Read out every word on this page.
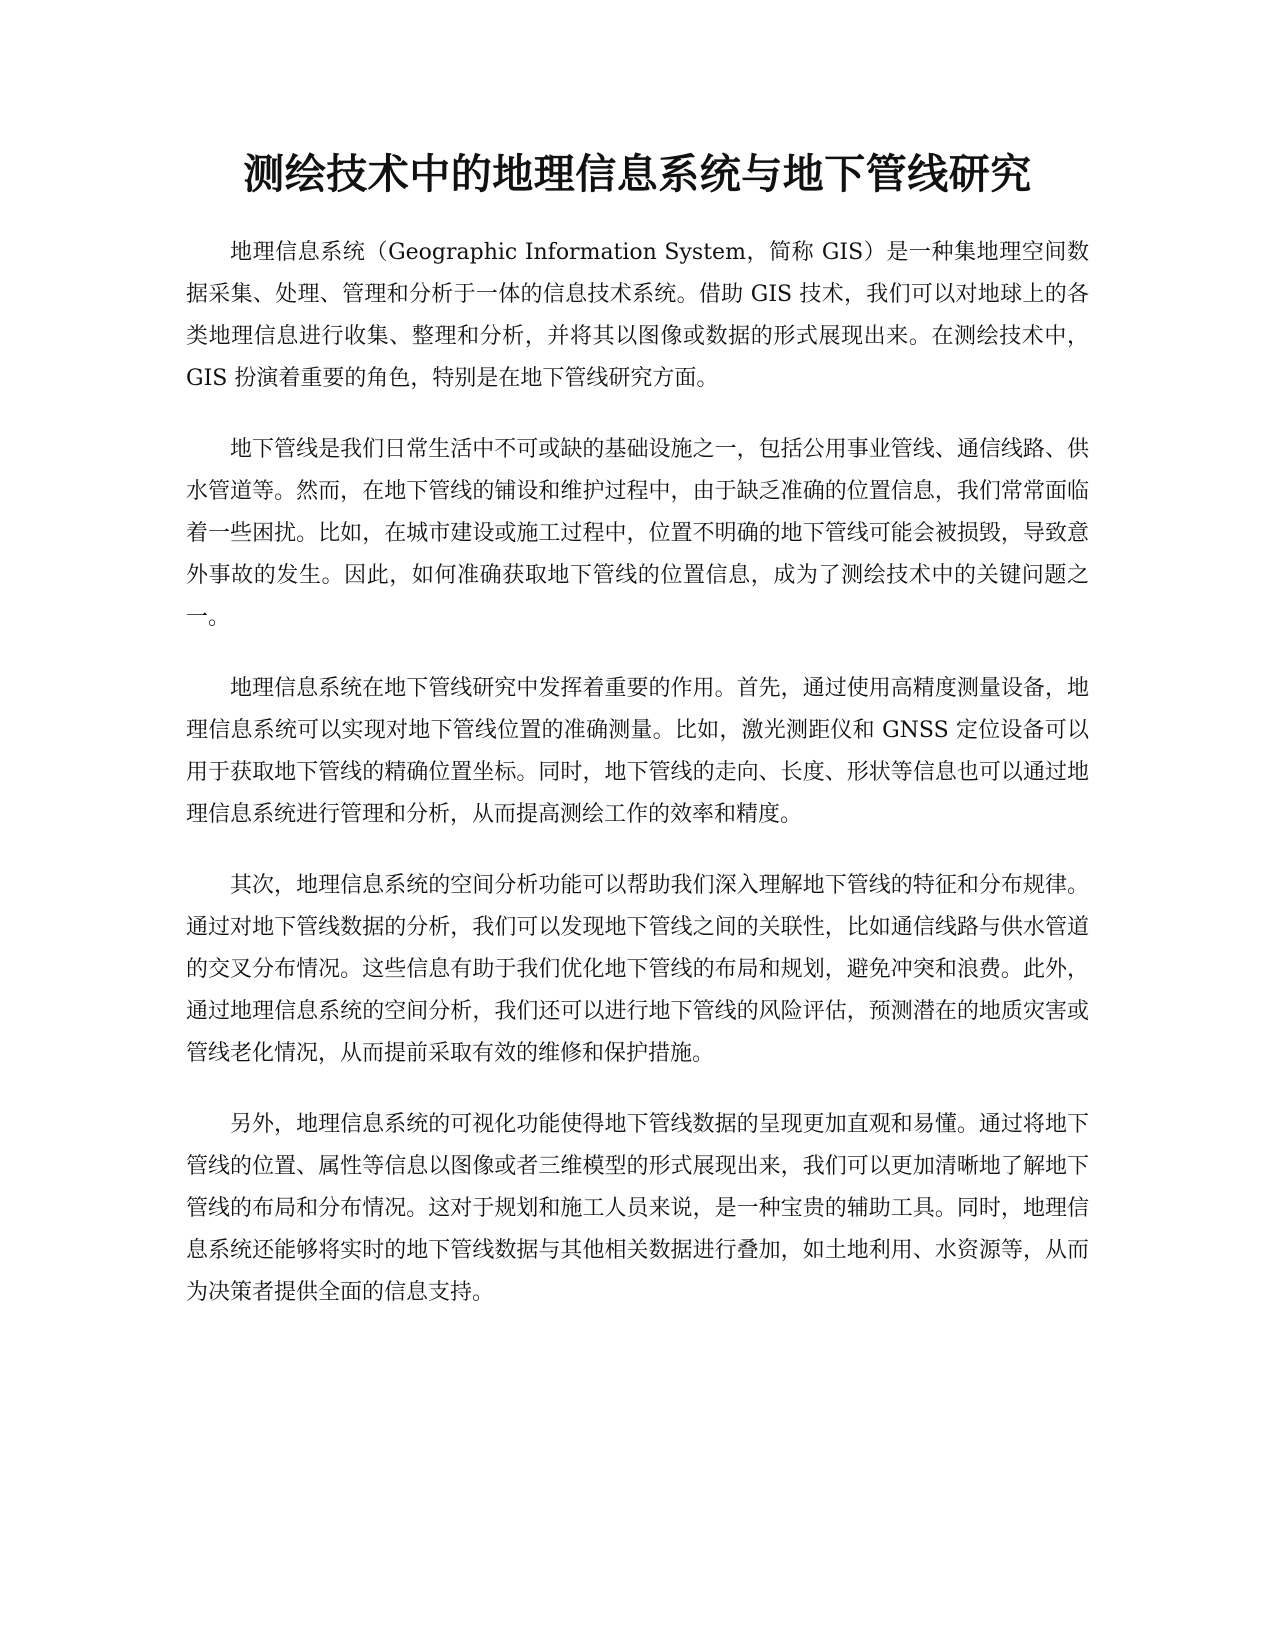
测绘技术中的地理信息系统与地下管线研究

地理信息系统（Geographic Information System，简称 GIS）是一种集地理空间数据采集、处理、管理和分析于一体的信息技术系统。借助 GIS 技术，我们可以对地球上的各类地理信息进行收集、整理和分析，并将其以图像或数据的形式展现出来。在测绘技术中，GIS 扮演着重要的角色，特别是在地下管线研究方面。

地下管线是我们日常生活中不可或缺的基础设施之一，包括公用事业管线、通信线路、供水管道等。然而，在地下管线的铺设和维护过程中，由于缺乏准确的位置信息，我们常常面临着一些困扰。比如，在城市建设或施工过程中，位置不明确的地下管线可能会被损毁，导致意外事故的发生。因此，如何准确获取地下管线的位置信息，成为了测绘技术中的关键问题之一。

地理信息系统在地下管线研究中发挥着重要的作用。首先，通过使用高精度测量设备，地理信息系统可以实现对地下管线位置的准确测量。比如，激光测距仪和 GNSS 定位设备可以用于获取地下管线的精确位置坐标。同时，地下管线的走向、长度、形状等信息也可以通过地理信息系统进行管理和分析，从而提高测绘工作的效率和精度。

其次，地理信息系统的空间分析功能可以帮助我们深入理解地下管线的特征和分布规律。通过对地下管线数据的分析，我们可以发现地下管线之间的关联性，比如通信线路与供水管道的交叉分布情况。这些信息有助于我们优化地下管线的布局和规划，避免冲突和浪费。此外，通过地理信息系统的空间分析，我们还可以进行地下管线的风险评估，预测潜在的地质灾害或管线老化情况，从而提前采取有效的维修和保护措施。

另外，地理信息系统的可视化功能使得地下管线数据的呈现更加直观和易懂。通过将地下管线的位置、属性等信息以图像或者三维模型的形式展现出来，我们可以更加清晰地了解地下管线的布局和分布情况。这对于规划和施工人员来说，是一种宝贵的辅助工具。同时，地理信息系统还能够将实时的地下管线数据与其他相关数据进行叠加，如土地利用、水资源等，从而为决策者提供全面的信息支持。
